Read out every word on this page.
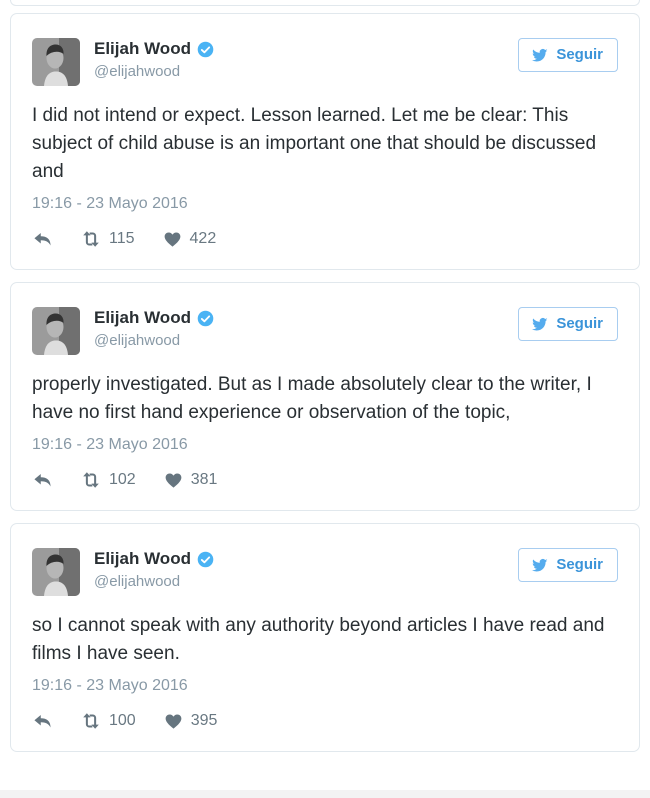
Elijah Wood
@elijahwood
Seguir

I did not intend or expect. Lesson learned. Let me be clear: This subject of child abuse is an important one that should be discussed and

19:16 - 23 Mayo 2016
115	422
Elijah Wood
@elijahwood
Seguir

properly investigated. But as I made absolutely clear to the writer, I have no first hand experience or observation of the topic,

19:16 - 23 Mayo 2016
102	381
Elijah Wood
@elijahwood
Seguir

so I cannot speak with any authority beyond articles I have read and films I have seen.

19:16 - 23 Mayo 2016
100	395
